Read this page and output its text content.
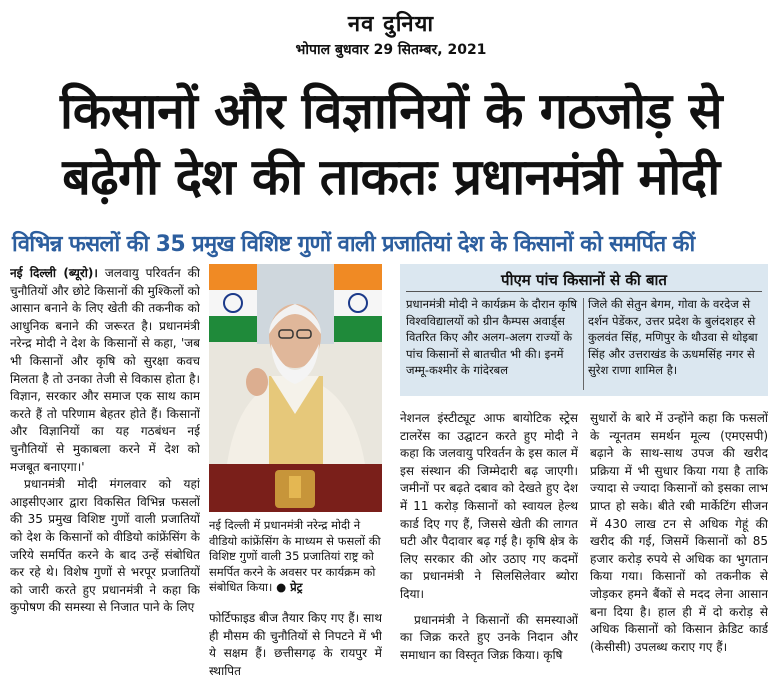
नव दुनिया
भोपाल बुधवार 29 सितम्बर, 2021
किसानों और विज्ञानियों के गठजोड़ से
बढ़ेगी देश की ताकतः प्रधानमंत्री मोदी
विभिन्न फसलों की 35 प्रमुख विशिष्ट गुणों वाली प्रजातियां देश के किसानों को समर्पित कीं
नई दिल्ली (ब्यूरो)। जलवायु परिवर्तन की चुनौतियों और छोटे किसानों की मुश्किलों को आसान बनाने के लिए खेती की तकनीक को आधुनिक बनाने की जरूरत है। प्रधानमंत्री नरेन्द्र मोदी ने देश के किसानों से कहा, 'जब भी किसानों और कृषि को सुरक्षा कवच मिलता है तो उनका तेजी से विकास होता है। विज्ञान, सरकार और समाज एक साथ काम करते हैं तो परिणाम बेहतर होते हैं। किसानों और विज्ञानियों का यह गठबंधन नई चुनौतियों से मुकाबला करने में देश को मजबूत बनाएगा।'
प्रधानमंत्री मोदी मंगलवार को यहां आइसीएआर द्वारा विकसित विभिन्न फसलों की 35 प्रमुख विशिष्ट गुणों वाली प्रजातियों को देश के किसानों को वीडियो कांफ्रेंसिंग के जरिये समर्पित करने के बाद उन्हें संबोधित कर रहे थे। विशेष गुणों से भरपूर प्रजातियों को जारी करते हुए प्रधानमंत्री ने कहा कि कुपोषण की समस्या से निजात पाने के लिए
नई दिल्ली में प्रधानमंत्री नरेन्द्र मोदी ने वीडियो कांफ्रेंसिंग के माध्यम से फसलों की विशिष्ट गुणों वाली 35 प्रजातियां राष्ट्र को समर्पित करने के अवसर पर कार्यक्रम को संबोधित किया। ● प्रेट्र
फोर्टिफाइड बीज तैयार किए गए हैं। साथ ही मौसम की चुनौतियों से निपटने में भी ये सक्षम हैं। छत्तीसगढ़ के रायपुर में स्थापित
पीएम पांच किसानों से की बात
प्रधानमंत्री मोदी ने कार्यक्रम के दौरान कृषि विश्वविद्यालयों को ग्रीन कैम्पस अवार्ड्स वितरित किए और अलग-अलग राज्यों के पांच किसानों से बातचीत भी की। इनमें जम्मू-कश्मीर के गांदेरबल
जिले की सेतुन बेगम, गोवा के वरदेज से दर्शन पेडेंकर, उत्तर प्रदेश के बुलंदशहर से कुलवंत सिंह, मणिपुर के थौउवा से थोइबा सिंह और उत्तराखंड के ऊधमसिंह नगर से सुरेश राणा शामिल है।
नेशनल इंस्टीट्यूट आफ बायोटिक स्ट्रेस टालरेंस का उद्घाटन करते हुए मोदी ने कहा कि जलवायु परिवर्तन के इस काल में इस संस्थान की जिम्मेदारी बढ़ जाएगी। जमीनों पर बढ़ते दबाव को देखते हुए देश में 11 करोड़ किसानों को स्वायल हेल्थ कार्ड दिए गए हैं, जिससे खेती की लागत घटी और पैदावार बढ़ गई है। कृषि क्षेत्र के लिए सरकार की ओर उठाए गए कदमों का प्रधानमंत्री ने सिलसिलेवार ब्योरा दिया।
प्रधानमंत्री ने किसानों की समस्याओं का जिक्र करते हुए उनके निदान और समाधान का विस्तृत जिक्र किया। कृषि
सुधारों के बारे में उन्होंने कहा कि फसलों के न्यूनतम समर्थन मूल्य (एमएसपी) बढ़ाने के साथ-साथ उपज की खरीद प्रक्रिया में भी सुधार किया गया है ताकि ज्यादा से ज्यादा किसानों को इसका लाभ प्राप्त हो सके। बीते रबी मार्केटिंग सीजन में 430 लाख टन से अधिक गेहूं की खरीद की गई, जिसमें किसानों को 85 हजार करोड़ रुपये से अधिक का भुगतान किया गया। किसानों को तकनीक से जोड़कर हमने बैंकों से मदद लेना आसान बना दिया है। हाल ही में दो करोड़ से अधिक किसानों को किसान क्रेडिट कार्ड (केसीसी) उपलब्ध कराए गए हैं।
